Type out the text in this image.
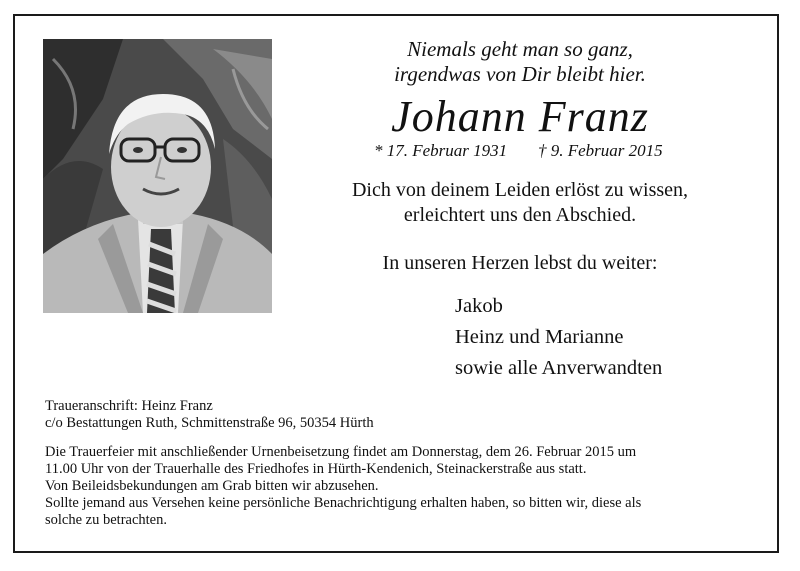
Niemals geht man so ganz,
irgendwas von Dir bleibt hier.
Johann Franz
* 17. Februar 1931 † 9. Februar 2015
Dich von deinem Leiden erlöst zu wissen,
erleichtert uns den Abschied.
In unseren Herzen lebst du weiter:
Jakob
Heinz und Marianne
sowie alle Anverwandten
Traueranschrift: Heinz Franz
c/o Bestattungen Ruth, Schmittenstraße 96, 50354 Hürth
Die Trauerfeier mit anschließender Urnenbeisetzung findet am Donnerstag, dem 26. Februar 2015 um
11.00 Uhr von der Trauerhalle des Friedhofes in Hürth-Kendenich, Steinackerstraße aus statt.
Von Beileidsbekundungen am Grab bitten wir abzusehen.
Sollte jemand aus Versehen keine persönliche Benachrichtigung erhalten haben, so bitten wir, diese als
solche zu betrachten.
